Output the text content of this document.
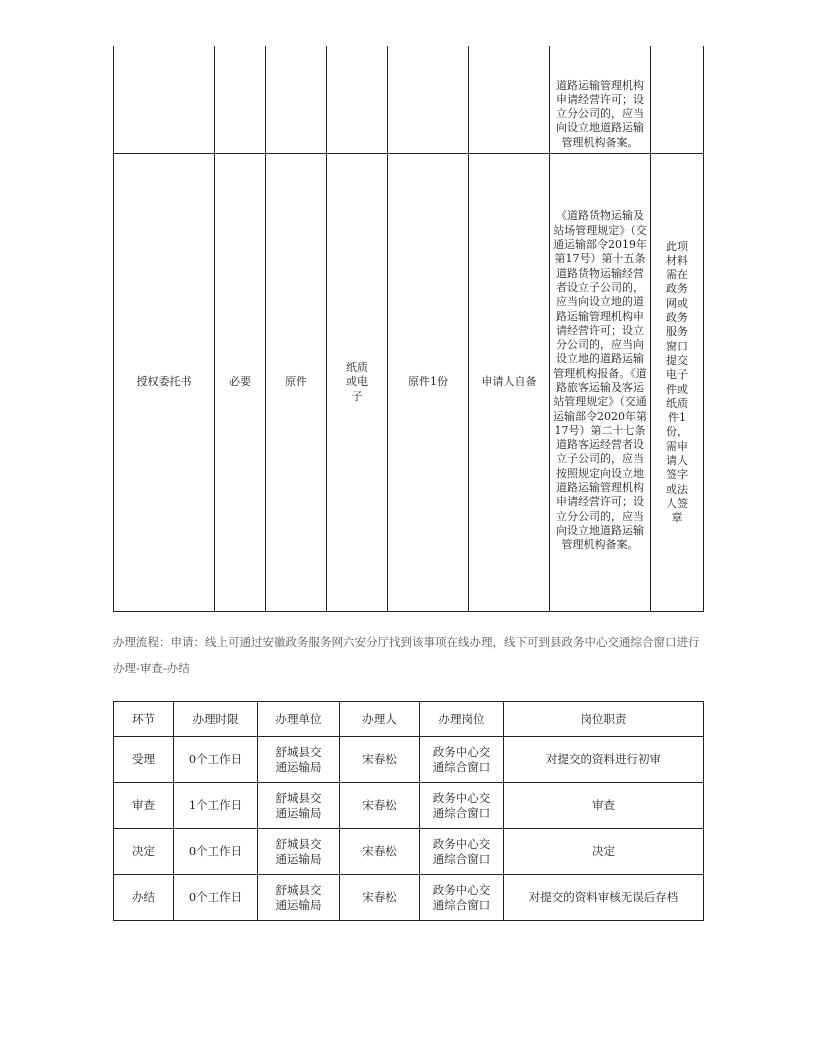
						道路运输管理机构申请经营许可；设立分公司的，应当向设立地道路运输管理机构备案。	
授权委托书	必要	原件	纸质或电子	原件1份	申请人自备	《道路货物运输及站场管理规定》（交通运输部令2019年第17号）第十五条　道路货物运输经营者设立子公司的，应当向设立地的道路运输管理机构申请经营许可；设立分公司的，应当向设立地的道路运输管理机构报备。《道路旅客运输及客运站管理规定》（交通运输部令2020年第17号）第二十七条　道路客运经营者设立子公司的，应当按照规定向设立地道路运输管理机构申请经营许可；设立分公司的，应当向设立地道路运输管理机构备案。	此项材料需在政务网或政务服务窗口提交电子件或纸质件1份，需申请人签字或法人签章
办理流程：申请：线上可通过安徽政务服务网六安分厅找到该事项在线办理，线下可到县政务中心交通综合窗口进行办理-审查-办结
环节	办理时限	办理单位	办理人	办理岗位	岗位职责
受理	0个工作日	舒城县交通运输局	宋春松	政务中心交通综合窗口	对提交的资料进行初审
审查	1个工作日	舒城县交通运输局	宋春松	政务中心交通综合窗口	审查
决定	0个工作日	舒城县交通运输局	宋春松	政务中心交通综合窗口	决定
办结	0个工作日	舒城县交通运输局	宋春松	政务中心交通综合窗口	对提交的资料审核无误后存档
